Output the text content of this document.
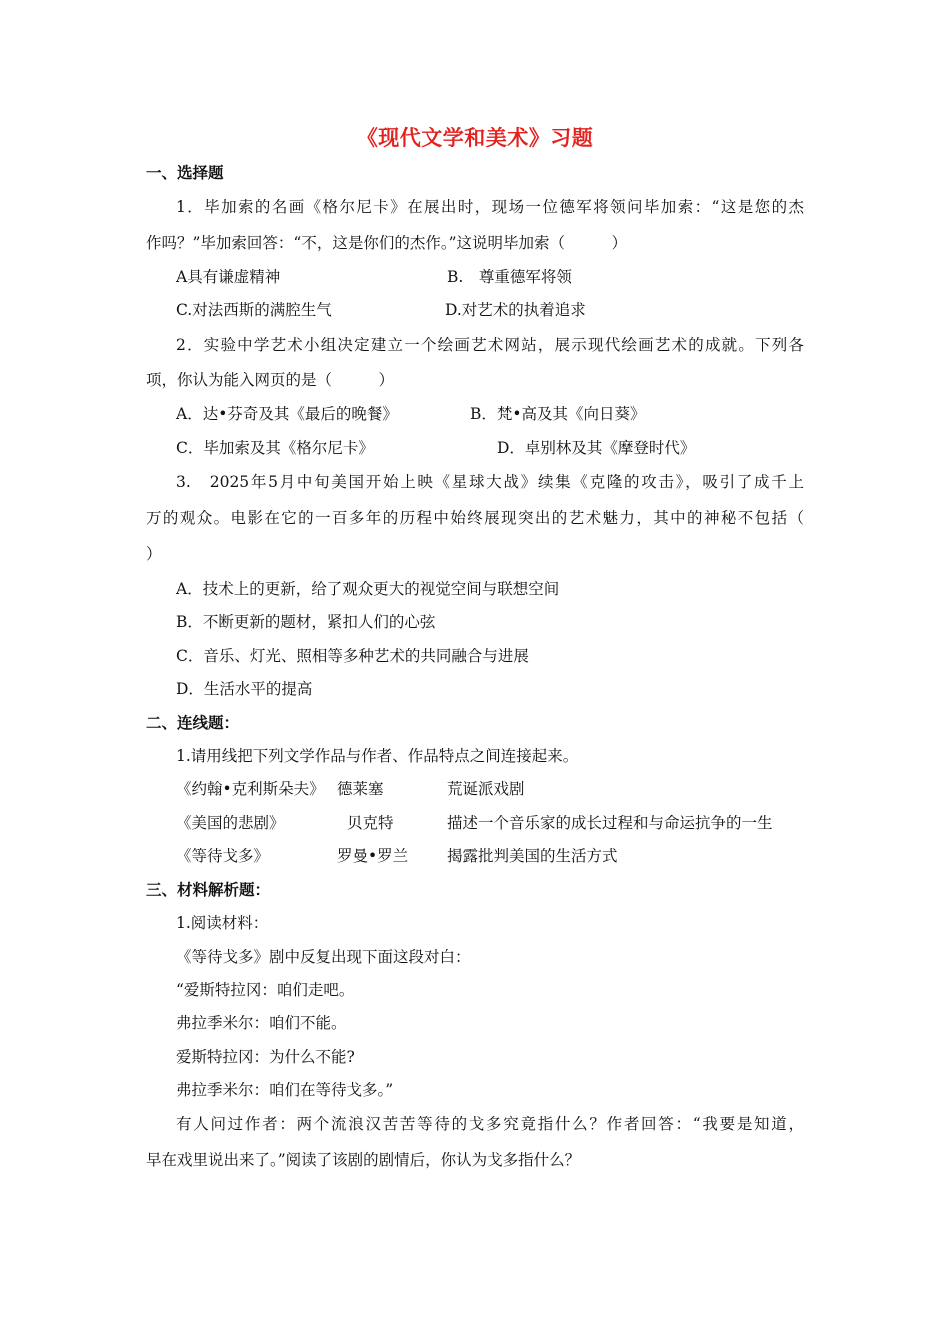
《现代文学和美术》习题
一、选择题
1．毕加索的名画《格尔尼卡》在展出时，现场一位德军将领问毕加索：“这是您的杰
作吗？”毕加索回答：“不，这是你们的杰作。”这说明毕加索（　　　）
A具有谦虚精神	B.　尊重德军将领
C.对法西斯的满腔生气	D.对艺术的执着追求
2．实验中学艺术小组决定建立一个绘画艺术网站，展示现代绘画艺术的成就。下列各
项，你认为能入网页的是（　　　）
A．达•芬奇及其《最后的晚餐》	B．梵•高及其《向日葵》
C．毕加索及其《格尔尼卡》	D．卓别林及其《摩登时代》
3.　2025年5月中旬美国开始上映《星球大战》续集《克隆的攻击》，吸引了成千上
万的观众。电影在它的一百多年的历程中始终展现突出的艺术魅力，其中的神秘不包括（
）
A．技术上的更新，给了观众更大的视觉空间与联想空间
B．不断更新的题材，紧扣人们的心弦
C．音乐、灯光、照相等多种艺术的共同融合与进展
D．生活水平的提高
二、连线题：
1.请用线把下列文学作品与作者、作品特点之间连接起来。
《约翰•克利斯朵夫》 德莱塞	荒诞派戏剧
《美国的悲剧》	贝克特	描述一个音乐家的成长过程和与命运抗争的一生
《等待戈多》	罗曼•罗兰	揭露批判美国的生活方式
三、材料解析题：
1.阅读材料：
《等待戈多》剧中反复出现下面这段对白：
“爱斯特拉冈：咱们走吧。
弗拉季米尔：咱们不能。
爱斯特拉冈：为什么不能?
弗拉季米尔：咱们在等待戈多。”
有人问过作者：两个流浪汉苦苦等待的戈多究竟指什么？作者回答：“我要是知道，
早在戏里说出来了。”阅读了该剧的剧情后，你认为戈多指什么？
